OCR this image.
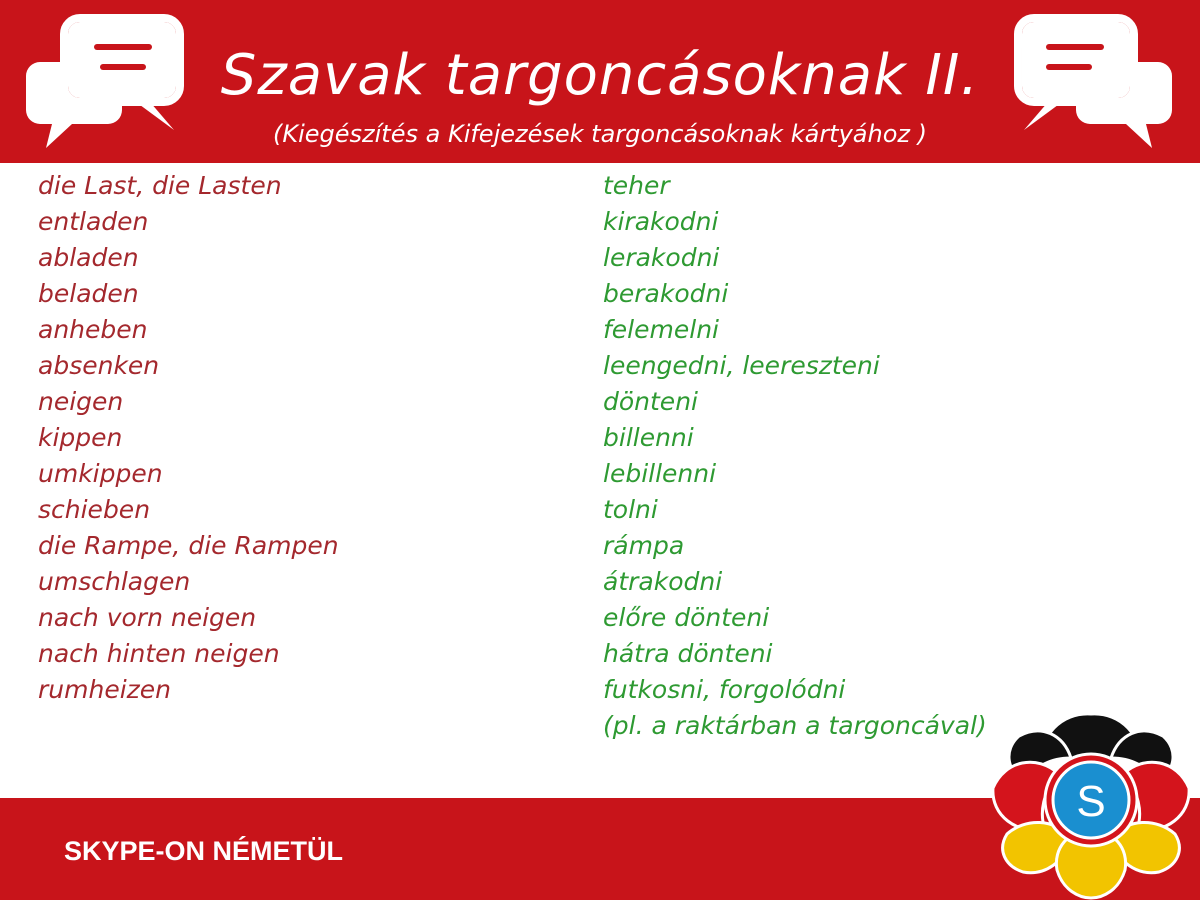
Szavak targoncásoknak II.
(Kiegészítés a Kifejezések targoncásoknak kártyához )
die Last, die Lasten
entladen
abladen
beladen
anheben
absenken
neigen
kippen
umkippen
schieben
die Rampe, die Rampen
umschlagen
nach vorn neigen
nach hinten neigen
rumheizen
teher
kirakodni
lerakodni
berakodni
felemelni
leengedni, leereszteni
dönteni
billenni
lebillenni
tolni
rámpa
átrakodni
előre dönteni
hátra dönteni
futkosni, forgolódni
(pl. a raktárban a targoncával)
SKYPE-ON NÉMETÜL
S
